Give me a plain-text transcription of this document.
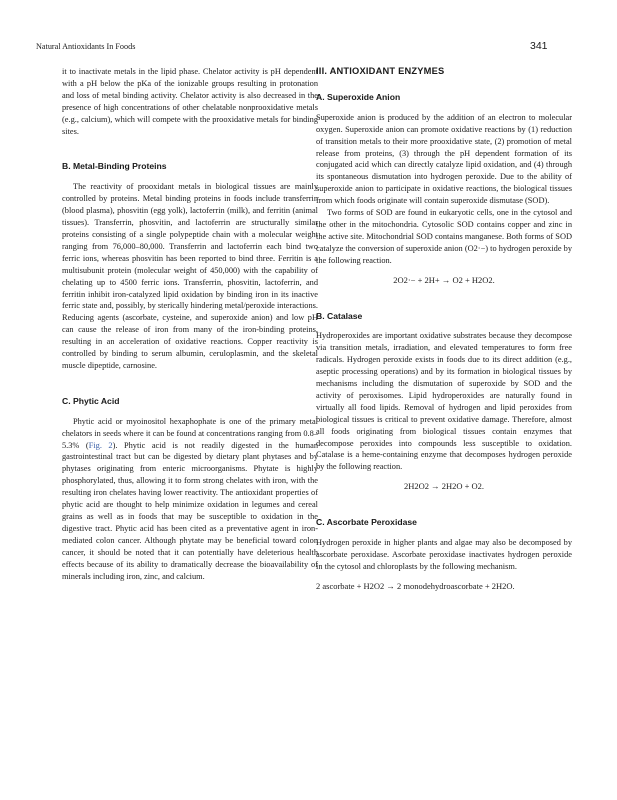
Natural Antioxidants In Foods	341

it to inactivate metals in the lipid phase. Chelator activity is pH dependent with a pH below the pKa of the ionizable groups resulting in protonation and loss of metal binding activity. Chelator activity is also decreased in the presence of high concentrations of other chelatable nonprooxidative metals (e.g., calcium), which will compete with the prooxidative metals for binding sites.

B. Metal-Binding Proteins

The reactivity of prooxidant metals in biological tissues are mainly controlled by proteins. Metal binding proteins in foods include transferrin (blood plasma), phosvitin (egg yolk), lactoferrin (milk), and ferritin (animal tissues). Transferrin, phosvitin, and lactoferrin are structurally similar proteins consisting of a single polypeptide chain with a molecular weight ranging from 76,000–80,000. Transferrin and lactoferrin each bind two ferric ions, whereas phosvitin has been reported to bind three. Ferritin is a multisubunit protein (molecular weight of 450,000) with the capability of chelating up to 4500 ferric ions. Transferrin, phosvitin, lactoferrin, and ferritin inhibit iron-catalyzed lipid oxidation by binding iron in its inactive ferric state and, possibly, by sterically hindering metal/peroxide interactions. Reducing agents (ascorbate, cysteine, and superoxide anion) and low pH can cause the release of iron from many of the iron-binding proteins, resulting in an acceleration of oxidative reactions. Copper reactivity is controlled by binding to serum albumin, ceruloplasmin, and the skeletal muscle dipeptide, carnosine.

C. Phytic Acid

Phytic acid or myoinositol hexaphophate is one of the primary metal chelators in seeds where it can be found at concentrations ranging from 0.8–5.3% (Fig. 2). Phytic acid is not readily digested in the human gastrointestinal tract but can be digested by dietary plant phytases and by phytases originating from enteric microorganisms. Phytate is highly phosphorylated, thus, allowing it to form strong chelates with iron, with the resulting iron chelates having lower reactivity. The antioxidant properties of phytic acid are thought to help minimize oxidation in legumes and cereal grains as well as in foods that may be susceptible to oxidation in the digestive tract. Phytic acid has been cited as a preventative agent in iron-mediated colon cancer. Although phytate may be beneficial toward colon cancer, it should be noted that it can potentially have deleterious health effects because of its ability to dramatically decrease the bioavailability of minerals including iron, zinc, and calcium.

III. ANTIOXIDANT ENZYMES
A. Superoxide Anion

Superoxide anion is produced by the addition of an electron to molecular oxygen. Superoxide anion can promote oxidative reactions by (1) reduction of transition metals to their more prooxidative state, (2) promotion of metal release from proteins, (3) through the pH dependent formation of its conjugated acid which can directly catalyze lipid oxidation, and (4) through its spontaneous dismutation into hydrogen peroxide. Due to the ability of superoxide anion to participate in oxidative reactions, the biological tissues from which foods originate will contain superoxide dismutase (SOD).

Two forms of SOD are found in eukaryotic cells, one in the cytosol and the other in the mitochondria. Cytosolic SOD contains copper and zinc in the active site. Mitochondrial SOD contains manganese. Both forms of SOD catalyze the conversion of superoxide anion (O2·−) to hydrogen peroxide by the following reaction.

2O2·− + 2H+ → O2 + H2O2.
B. Catalase

Hydroperoxides are important oxidative substrates because they decompose via transition metals, irradiation, and elevated temperatures to form free radicals. Hydrogen peroxide exists in foods due to its direct addition (e.g., aseptic processing operations) and by its formation in biological tissues by mechanisms including the dismutation of superoxide by SOD and the activity of peroxisomes. Lipid hydroperoxides are naturally found in virtually all food lipids. Removal of hydrogen and lipid peroxides from biological tissues is critical to prevent oxidative damage. Therefore, almost all foods originating from biological tissues contain enzymes that decompose peroxides into compounds less susceptible to oxidation. Catalase is a heme-containing enzyme that decomposes hydrogen peroxide by the following reaction.

2H2O2 → 2H2O + O2.
C. Ascorbate Peroxidase

Hydrogen peroxide in higher plants and algae may also be decomposed by ascorbate peroxidase. Ascorbate peroxidase inactivates hydrogen peroxide in the cytosol and chloroplasts by the following mechanism.

2 ascorbate + H2O2 → 2 monodehydroascorbate + 2H2O.
